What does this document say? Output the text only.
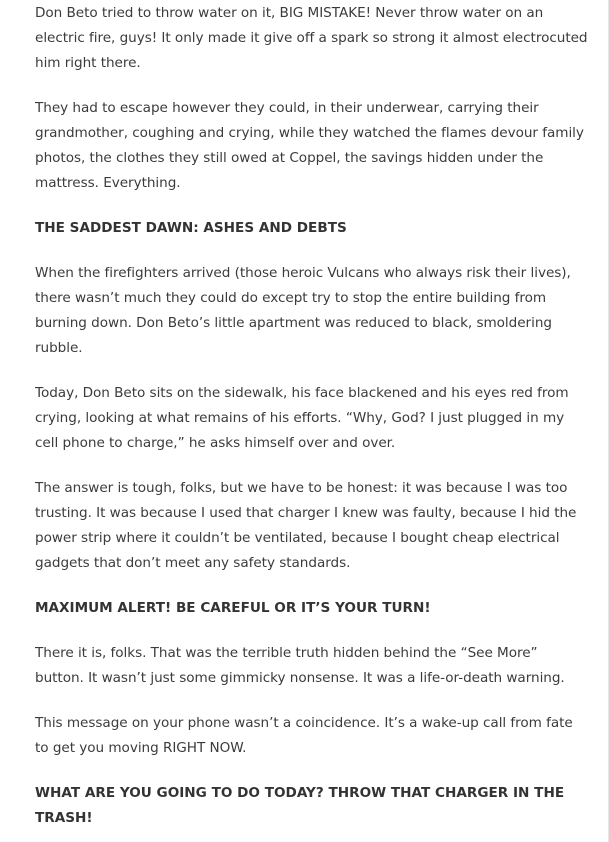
Don Beto tried to throw water on it, BIG MISTAKE! Never throw water on an electric fire, guys! It only made it give off a spark so strong it almost electrocuted him right there.

They had to escape however they could, in their underwear, carrying their grandmother, coughing and crying, while they watched the flames devour family photos, the clothes they still owed at Coppel, the savings hidden under the mattress. Everything.

THE SADDEST DAWN: ASHES AND DEBTS

When the firefighters arrived (those heroic Vulcans who always risk their lives), there wasn’t much they could do except try to stop the entire building from burning down. Don Beto’s little apartment was reduced to black, smoldering rubble.

Today, Don Beto sits on the sidewalk, his face blackened and his eyes red from crying, looking at what remains of his efforts. “Why, God? I just plugged in my cell phone to charge,” he asks himself over and over.

The answer is tough, folks, but we have to be honest: it was because I was too trusting. It was because I used that charger I knew was faulty, because I hid the power strip where it couldn’t be ventilated, because I bought cheap electrical gadgets that don’t meet any safety standards.

MAXIMUM ALERT! BE CAREFUL OR IT’S YOUR TURN!

There it is, folks. That was the terrible truth hidden behind the “See More” button. It wasn’t just some gimmicky nonsense. It was a life-or-death warning.

This message on your phone wasn’t a coincidence. It’s a wake-up call from fate to get you moving RIGHT NOW.

WHAT ARE YOU GOING TO DO TODAY? THROW THAT CHARGER IN THE TRASH!
